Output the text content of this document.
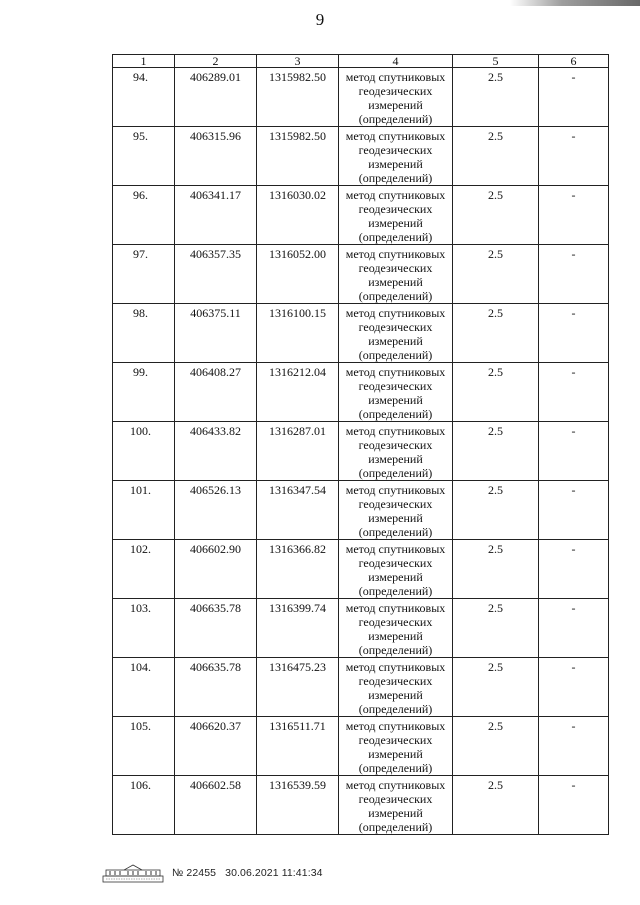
9
1	2	3	4	5	6
94.	406289.01	1315982.50	метод спутниковых геодезических измерений (определений)	2.5	-
95.	406315.96	1315982.50	метод спутниковых геодезических измерений (определений)	2.5	-
96.	406341.17	1316030.02	метод спутниковых геодезических измерений (определений)	2.5	-
97.	406357.35	1316052.00	метод спутниковых геодезических измерений (определений)	2.5	-
98.	406375.11	1316100.15	метод спутниковых геодезических измерений (определений)	2.5	-
99.	406408.27	1316212.04	метод спутниковых геодезических измерений (определений)	2.5	-
100.	406433.82	1316287.01	метод спутниковых геодезических измерений (определений)	2.5	-
101.	406526.13	1316347.54	метод спутниковых геодезических измерений (определений)	2.5	-
102.	406602.90	1316366.82	метод спутниковых геодезических измерений (определений)	2.5	-
103.	406635.78	1316399.74	метод спутниковых геодезических измерений (определений)	2.5	-
104.	406635.78	1316475.23	метод спутниковых геодезических измерений (определений)	2.5	-
105.	406620.37	1316511.71	метод спутниковых геодезических измерений (определений)	2.5	-
106.	406602.58	1316539.59	метод спутниковых геодезических измерений (определений)	2.5	-
№ 22455 30.06.2021 11:41:34
